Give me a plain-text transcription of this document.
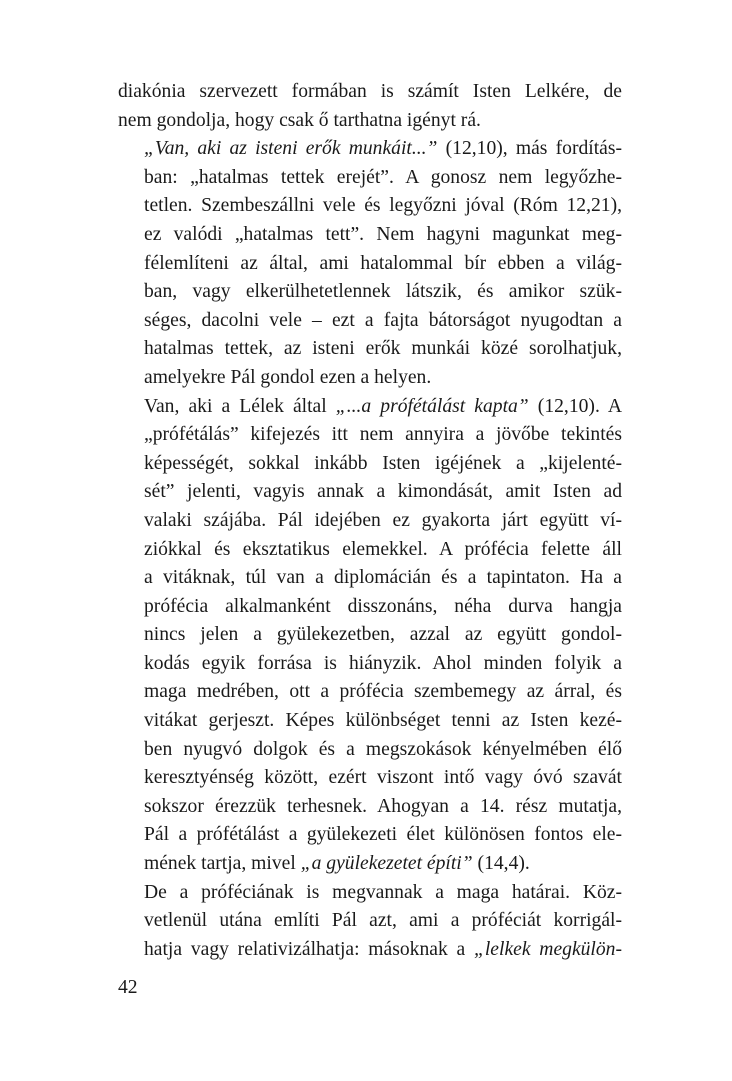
diakónia szervezett formában is számít Isten Lelkére, de
nem gondolja, hogy csak ő tarthatna igényt rá.

„Van, aki az isteni erők munkáit...” (12,10), más fordítás-
ban: „hatalmas tettek erejét”. A gonosz nem legyőzhe-
tetlen. Szembeszállni vele és legyőzni jóval (Róm 12,21),
ez valódi „hatalmas tett”. Nem hagyni magunkat meg-
félemlíteni az által, ami hatalommal bír ebben a világ-
ban, vagy elkerülhetetlennek látszik, és amikor szük-
séges, dacolni vele – ezt a fajta bátorságot nyugodtan a
hatalmas tettek, az isteni erők munkái közé sorolhatjuk,
amelyekre Pál gondol ezen a helyen.

Van, aki a Lélek által „...a prófétálást kapta” (12,10). A
„prófétálás” kifejezés itt nem annyira a jövőbe tekintés
képességét, sokkal inkább Isten igéjének a „kijelenté-
sét” jelenti, vagyis annak a kimondását, amit Isten ad
valaki szájába. Pál idejében ez gyakorta járt együtt ví-
ziókkal és eksztatikus elemekkel. A prófécia felette áll
a vitáknak, túl van a diplomácián és a tapintaton. Ha a
prófécia alkalmanként disszonáns, néha durva hangja
nincs jelen a gyülekezetben, azzal az együtt gondol-
kodás egyik forrása is hiányzik. Ahol minden folyik a
maga medrében, ott a prófécia szembemegy az árral, és
vitákat gerjeszt. Képes különbséget tenni az Isten kezé-
ben nyugvó dolgok és a megszokások kényelmében élő
keresztyénség között, ezért viszont intő vagy óvó szavát
sokszor érezzük terhesnek. Ahogyan a 14. rész mutatja,
Pál a prófétálást a gyülekezeti élet különösen fontos ele-
mének tartja, mivel „a gyülekezetet építi” (14,4).

De a próféciának is megvannak a maga határai. Köz-
vetlenül utána említi Pál azt, ami a próféciát korrigál-
hatja vagy relativizálhatja: másoknak a „lelkek megkülön-

42
